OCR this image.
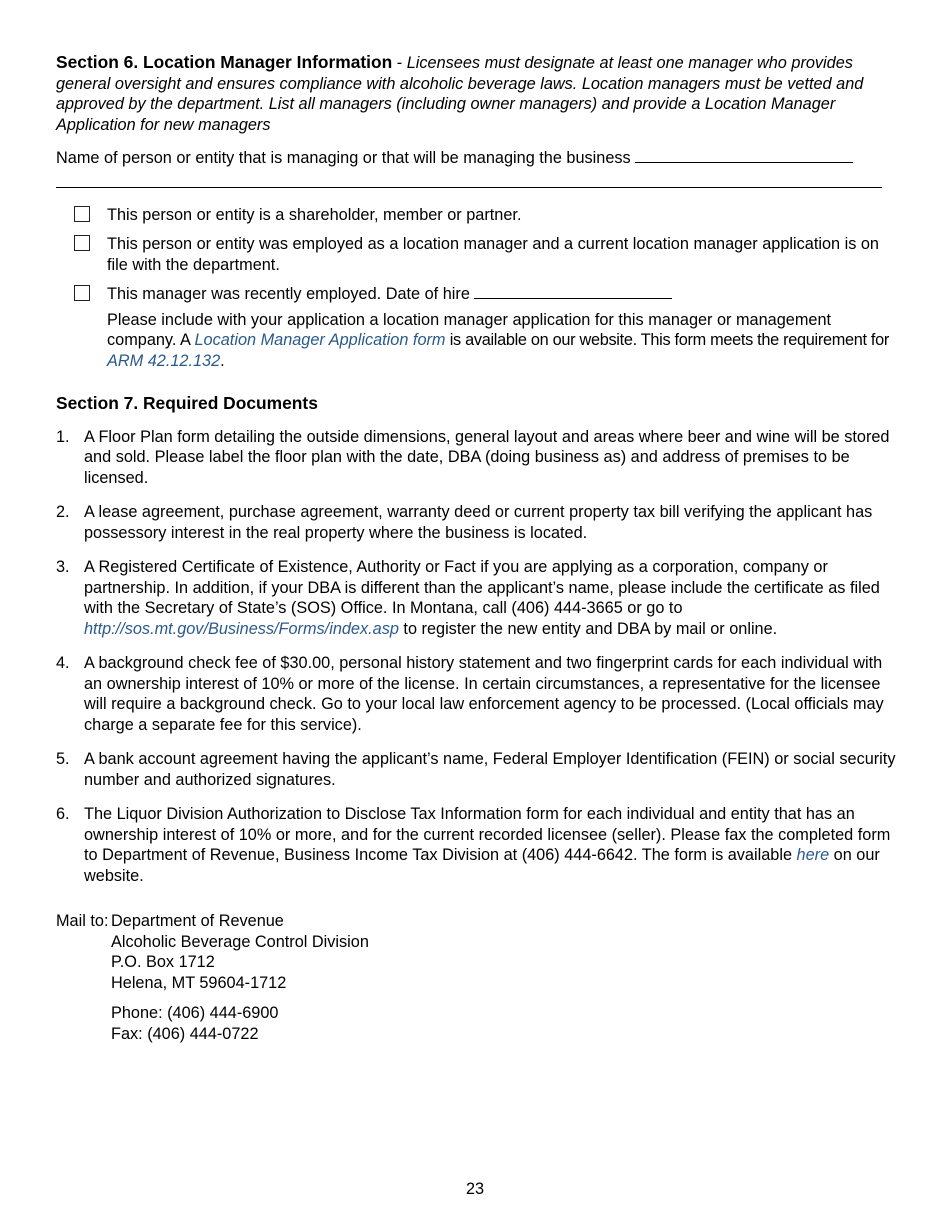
Section 6. Location Manager Information - Licensees must designate at least one manager who provides general oversight and ensures compliance with alcoholic beverage laws. Location managers must be vetted and approved by the department. List all managers (including owner managers) and provide a Location Manager Application for new managers

Name of person or entity that is managing or that will be managing the business
This person or entity is a shareholder, member or partner.
This person or entity was employed as a location manager and a current location manager application is on file with the department.
This manager was recently employed. Date of hire
Please include with your application a location manager application for this manager or management company. A Location Manager Application form is available on our website. This form meets the requirement for ARM 42.12.132.
Section 7. Required Documents
1. A Floor Plan form detailing the outside dimensions, general layout and areas where beer and wine will be stored and sold. Please label the floor plan with the date, DBA (doing business as) and address of premises to be licensed.
2. A lease agreement, purchase agreement, warranty deed or current property tax bill verifying the applicant has possessory interest in the real property where the business is located.
3. A Registered Certificate of Existence, Authority or Fact if you are applying as a corporation, company or partnership. In addition, if your DBA is different than the applicant’s name, please include the certificate as filed with the Secretary of State’s (SOS) Office. In Montana, call (406) 444-3665 or go to http://sos.mt.gov/Business/Forms/index.asp to register the new entity and DBA by mail or online.
4. A background check fee of $30.00, personal history statement and two fingerprint cards for each individual with an ownership interest of 10% or more of the license. In certain circumstances, a representative for the licensee will require a background check. Go to your local law enforcement agency to be processed. (Local officials may charge a separate fee for this service).
5. A bank account agreement having the applicant’s name, Federal Employer Identification (FEIN) or social security number and authorized signatures.
6. The Liquor Division Authorization to Disclose Tax Information form for each individual and entity that has an ownership interest of 10% or more, and for the current recorded licensee (seller). Please fax the completed form to Department of Revenue, Business Income Tax Division at (406) 444-6642. The form is available here on our website.
Mail to: Department of Revenue
Alcoholic Beverage Control Division
P.O. Box 1712
Helena, MT 59604-1712
Phone: (406) 444-6900
Fax: (406) 444-0722
23
